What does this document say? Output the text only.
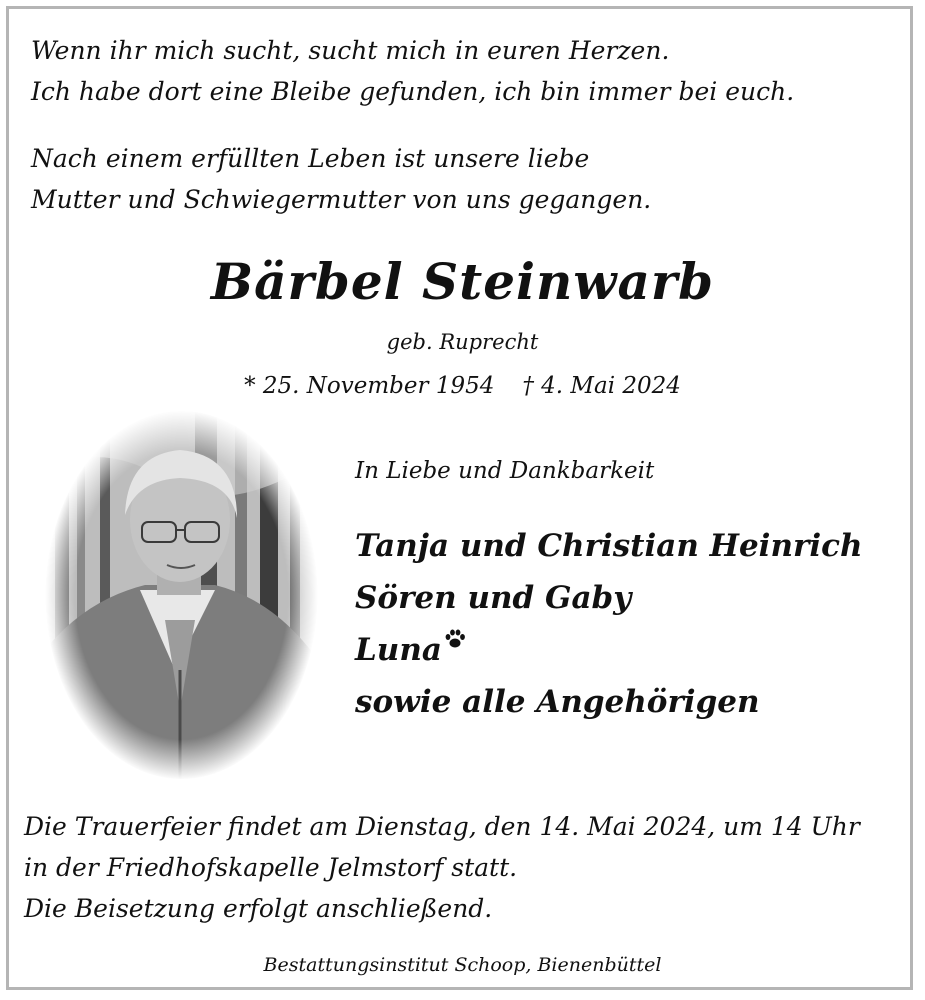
Wenn ihr mich sucht, sucht mich in euren Herzen.
Ich habe dort eine Bleibe gefunden, ich bin immer bei euch.
Nach einem erfüllten Leben ist unsere liebe
Mutter und Schwiegermutter von uns gegangen.
Bärbel Steinwarb
geb. Ruprecht
* 25. November 1954 † 4. Mai 2024
In Liebe und Dankbarkeit
Tanja und Christian Heinrich
Sören und Gaby
Luna
sowie alle Angehörigen
Die Trauerfeier findet am Dienstag, den 14. Mai 2024, um 14 Uhr
in der Friedhofskapelle Jelmstorf statt.
Die Beisetzung erfolgt anschließend.
Bestattungsinstitut Schoop, Bienenbüttel
